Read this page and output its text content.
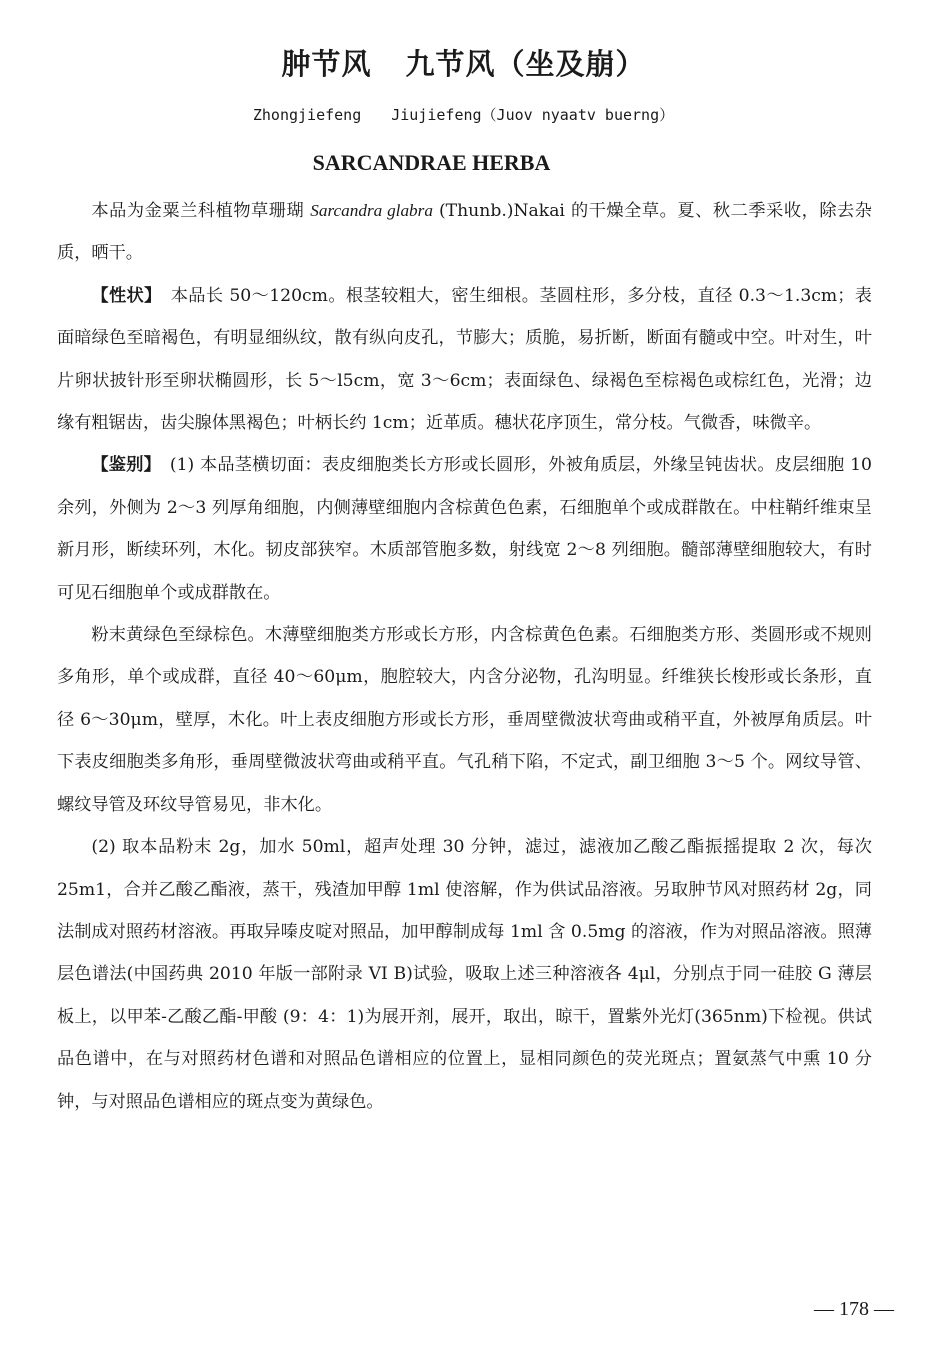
肿节风 九节风（坐及崩）
Zhongjiefeng Jiujiefeng（Juov nyaatv buerng）
SARCANDRAE HERBA

本品为金粟兰科植物草珊瑚 Sarcandra glabra (Thunb.)Nakai 的干燥全草。夏、秋二季采收，除去杂质，晒干。

【性状】　本品长 50～120cm。根茎较粗大，密生细根。茎圆柱形，多分枝，直径 0.3～1.3cm；表面暗绿色至暗褐色，有明显细纵纹，散有纵向皮孔，节膨大；质脆，易折断，断面有髓或中空。叶对生，叶片卵状披针形至卵状椭圆形，长 5～l5cm，宽 3～6cm；表面绿色、绿褐色至棕褐色或棕红色，光滑；边缘有粗锯齿，齿尖腺体黑褐色；叶柄长约 1cm；近革质。穗状花序顶生，常分枝。气微香，味微辛。

【鉴别】　(1) 本品茎横切面：表皮细胞类长方形或长圆形，外被角质层，外缘呈钝齿状。皮层细胞 10 余列，外侧为 2～3 列厚角细胞，内侧薄壁细胞内含棕黄色色素，石细胞单个或成群散在。中柱鞘纤维束呈新月形，断续环列，木化。韧皮部狭窄。木质部管胞多数，射线宽 2～8 列细胞。髓部薄壁细胞较大，有时可见石细胞单个或成群散在。

粉末黄绿色至绿棕色。木薄壁细胞类方形或长方形，内含棕黄色色素。石细胞类方形、类圆形或不规则多角形，单个或成群，直径 40～60μm，胞腔较大，内含分泌物，孔沟明显。纤维狭长梭形或长条形，直径 6～30μm，壁厚，木化。叶上表皮细胞方形或长方形，垂周壁微波状弯曲或稍平直，外被厚角质层。叶下表皮细胞类多角形，垂周壁微波状弯曲或稍平直。气孔稍下陷，不定式，副卫细胞 3～5 个。网纹导管、螺纹导管及环纹导管易见，非木化。

(2) 取本品粉末 2g，加水 50ml，超声处理 30 分钟，滤过，滤液加乙酸乙酯振摇提取 2 次，每次 25m1，合并乙酸乙酯液，蒸干，残渣加甲醇 1ml 使溶解，作为供试品溶液。另取肿节风对照药材 2g，同法制成对照药材溶液。再取异嗪皮啶对照品，加甲醇制成每 1ml 含 0.5mg 的溶液，作为对照品溶液。照薄层色谱法(中国药典 2010 年版一部附录 VI B)试验，吸取上述三种溶液各 4μl，分别点于同一硅胶 G 薄层板上，以甲苯-乙酸乙酯-甲酸 (9：4：1)为展开剂，展开，取出，晾干，置紫外光灯(365nm)下检视。供试品色谱中，在与对照药材色谱和对照品色谱相应的位置上，显相同颜色的荧光斑点；置氨蒸气中熏 10 分钟，与对照品色谱相应的斑点变为黄绿色。

— 178 —
